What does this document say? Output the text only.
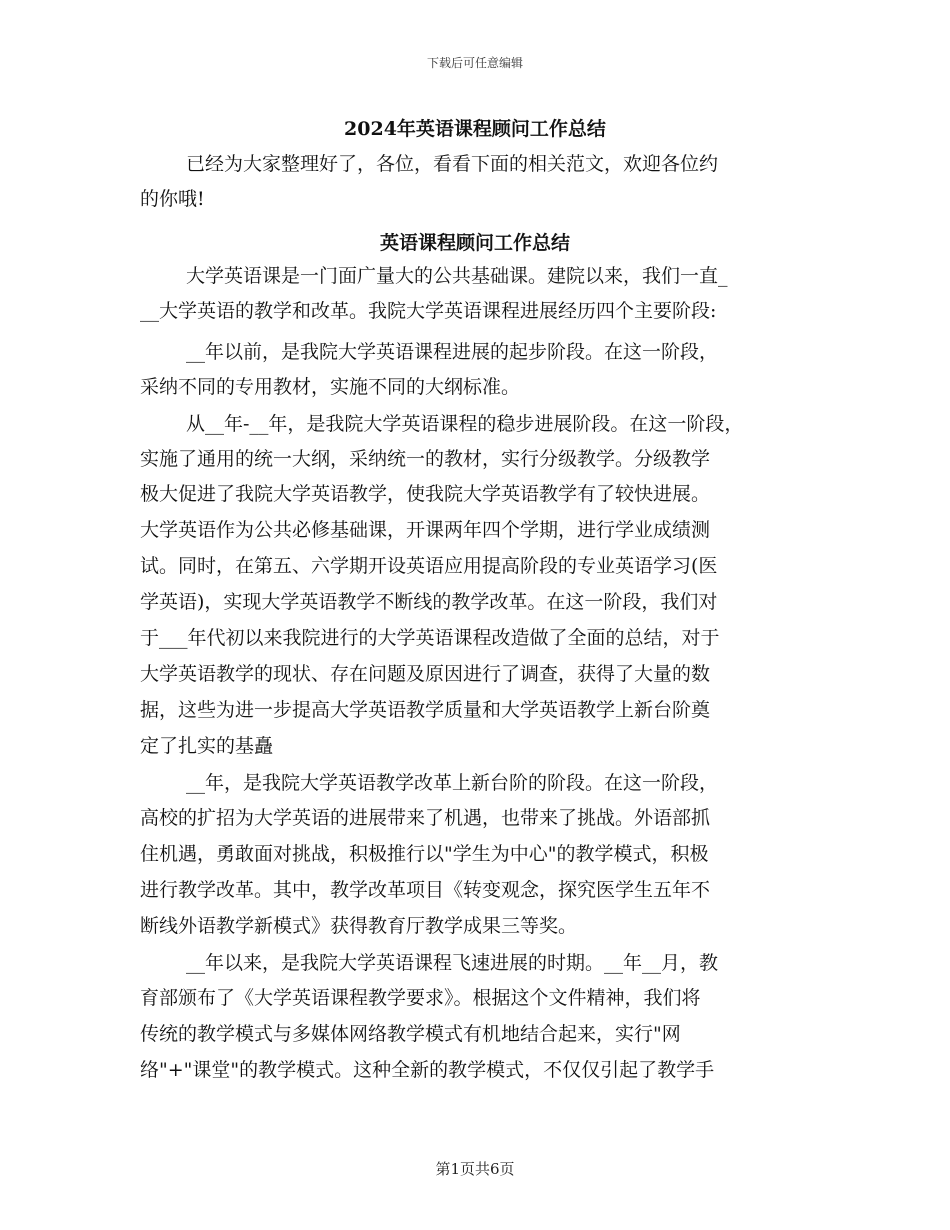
下载后可任意编辑
2024年英语课程顾问工作总结
已经为大家整理好了，各位，看看下面的相关范文，欢迎各位约
的你哦!
英语课程顾问工作总结
大学英语课是一门面广量大的公共基础课。建院以来，我们一直_
__大学英语的教学和改革。我院大学英语课程进展经历四个主要阶段:
__年以前，是我院大学英语课程进展的起步阶段。在这一阶段，
采纳不同的专用教材，实施不同的大纲标准。
从__年-__年，是我院大学英语课程的稳步进展阶段。在这一阶段，
实施了通用的统一大纲，采纳统一的教材，实行分级教学。分级教学
极大促进了我院大学英语教学，使我院大学英语教学有了较快进展。
大学英语作为公共必修基础课，开课两年四个学期，进行学业成绩测
试。同时，在第五、六学期开设英语应用提高阶段的专业英语学习(医
学英语)，实现大学英语教学不断线的教学改革。在这一阶段，我们对
于___年代初以来我院进行的大学英语课程改造做了全面的总结，对于
大学英语教学的现状、存在问题及原因进行了调查，获得了大量的数
据，这些为进一步提高大学英语教学质量和大学英语教学上新台阶奠
定了扎实的基矗
__年，是我院大学英语教学改革上新台阶的阶段。在这一阶段，
高校的扩招为大学英语的进展带来了机遇，也带来了挑战。外语部抓
住机遇，勇敢面对挑战，积极推行以"学生为中心"的教学模式，积极
进行教学改革。其中，教学改革项目《转变观念，探究医学生五年不
断线外语教学新模式》获得教育厅教学成果三等奖。
__年以来，是我院大学英语课程飞速进展的时期。__年__月，教
育部颁布了《大学英语课程教学要求》。根据这个文件精神，我们将
传统的教学模式与多媒体网络教学模式有机地结合起来，实行"网
络"+"课堂"的教学模式。这种全新的教学模式，不仅仅引起了教学手
第1页共6页
